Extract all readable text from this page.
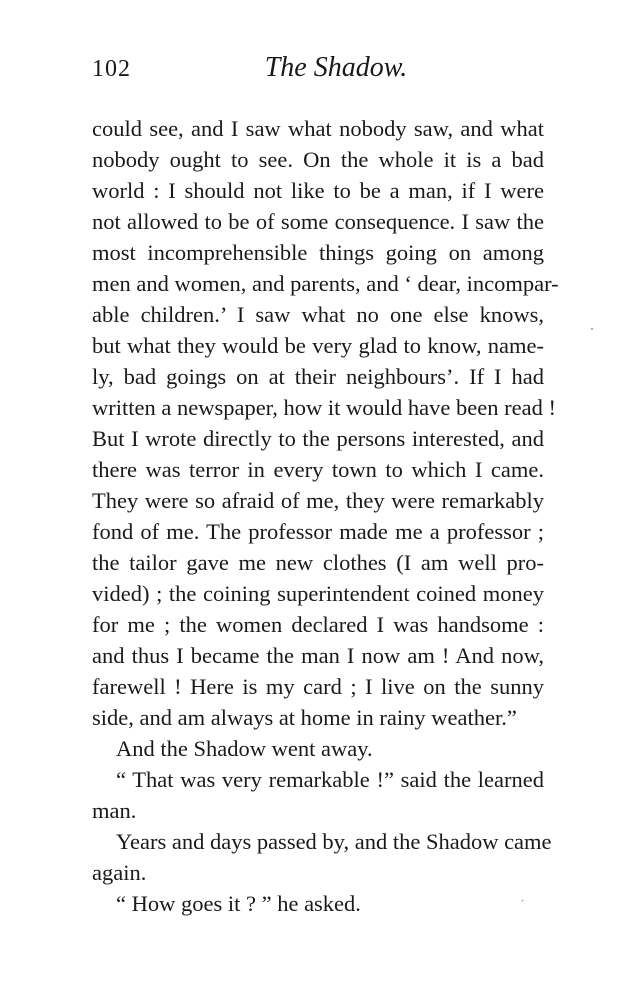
102	The Shadow.
could see, and I saw what nobody saw, and what
nobody ought to see. On the whole it is a bad
world : I should not like to be a man, if I were
not allowed to be of some consequence. I saw the
most incomprehensible things going on among
men and women, and parents, and ‘ dear, incompar-
able children.’ I saw what no one else knows,
but what they would be very glad to know, name-
ly, bad goings on at their neighbours’. If I had
written a newspaper, how it would have been read !
But I wrote directly to the persons interested, and
there was terror in every town to which I came.
They were so afraid of me, they were remarkably
fond of me. The professor made me a professor ;
the tailor gave me new clothes (I am well pro-
vided) ; the coining superintendent coined money
for me ; the women declared I was handsome :
and thus I became the man I now am ! And now,
farewell ! Here is my card ; I live on the sunny
side, and am always at home in rainy weather.”
And the Shadow went away.
“ That was very remarkable !” said the learned
man.
Years and days passed by, and the Shadow came
again.
“ How goes it ? ” he asked.
